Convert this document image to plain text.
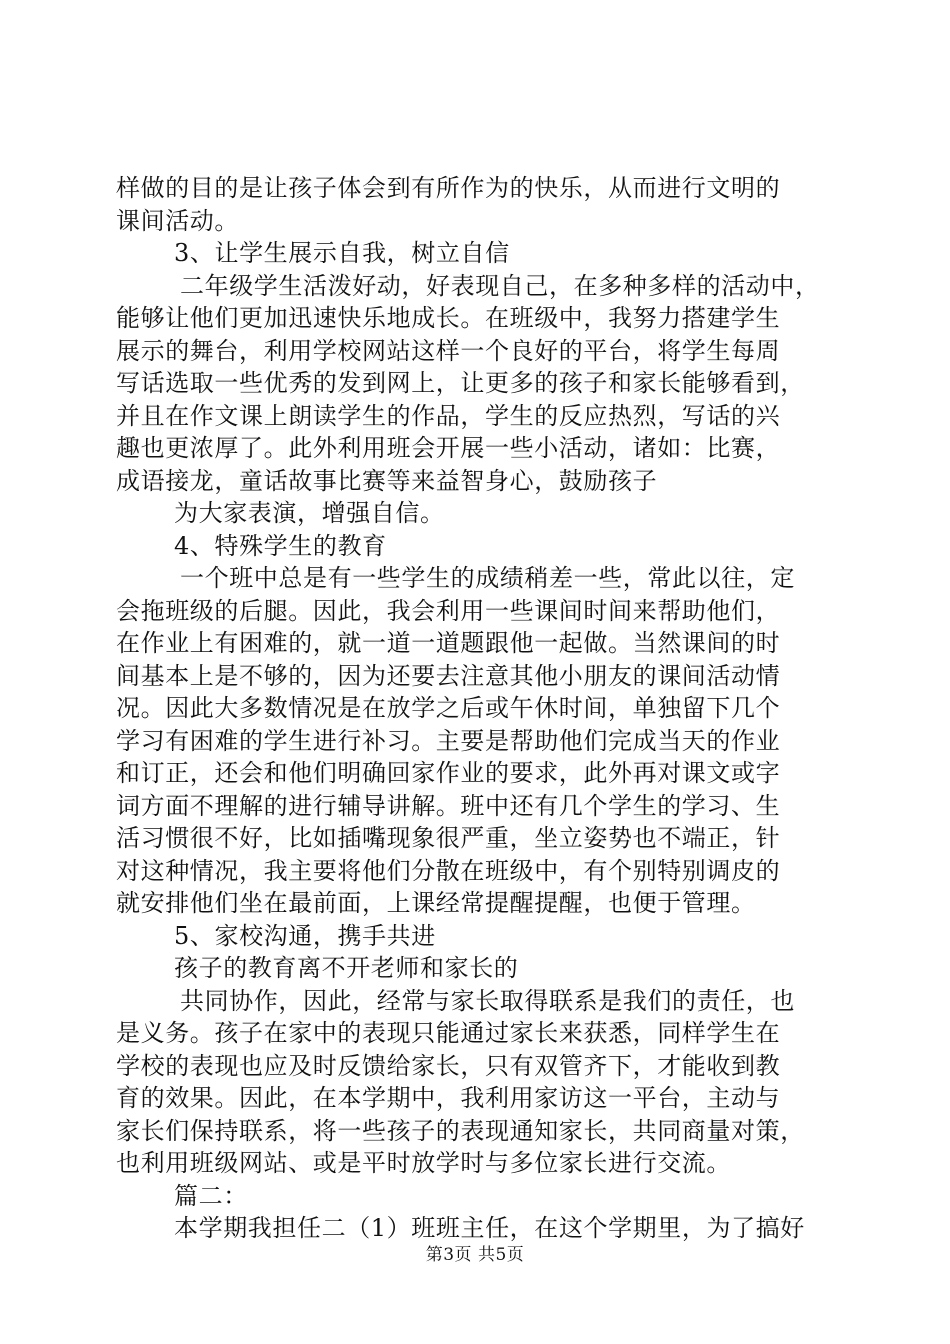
样做的目的是让孩子体会到有所作为的快乐，从而进行文明的
课间活动。
3、让学生展示自我，树立自信
二年级学生活泼好动，好表现自己，在多种多样的活动中，
能够让他们更加迅速快乐地成长。在班级中，我努力搭建学生
展示的舞台，利用学校网站这样一个良好的平台，将学生每周
写话选取一些优秀的发到网上，让更多的孩子和家长能够看到，
并且在作文课上朗读学生的作品，学生的反应热烈，写话的兴
趣也更浓厚了。此外利用班会开展一些小活动，诸如：比赛，
成语接龙，童话故事比赛等来益智身心，鼓励孩子
为大家表演，增强自信。
4、特殊学生的教育
一个班中总是有一些学生的成绩稍差一些，常此以往，定
会拖班级的后腿。因此，我会利用一些课间时间来帮助他们，
在作业上有困难的，就一道一道题跟他一起做。当然课间的时
间基本上是不够的，因为还要去注意其他小朋友的课间活动情
况。因此大多数情况是在放学之后或午休时间，单独留下几个
学习有困难的学生进行补习。主要是帮助他们完成当天的作业
和订正，还会和他们明确回家作业的要求，此外再对课文或字
词方面不理解的进行辅导讲解。班中还有几个学生的学习、生
活习惯很不好，比如插嘴现象很严重，坐立姿势也不端正，针
对这种情况，我主要将他们分散在班级中，有个别特别调皮的
就安排他们坐在最前面，上课经常提醒提醒，也便于管理。
5、家校沟通，携手共进
孩子的教育离不开老师和家长的
共同协作，因此，经常与家长取得联系是我们的责任，也
是义务。孩子在家中的表现只能通过家长来获悉，同样学生在
学校的表现也应及时反馈给家长，只有双管齐下，才能收到教
育的效果。因此，在本学期中，我利用家访这一平台，主动与
家长们保持联系，将一些孩子的表现通知家长，共同商量对策，
也利用班级网站、或是平时放学时与多位家长进行交流。
篇二：
本学期我担任二（1）班班主任，在这个学期里，为了搞好
第3页 共5页
